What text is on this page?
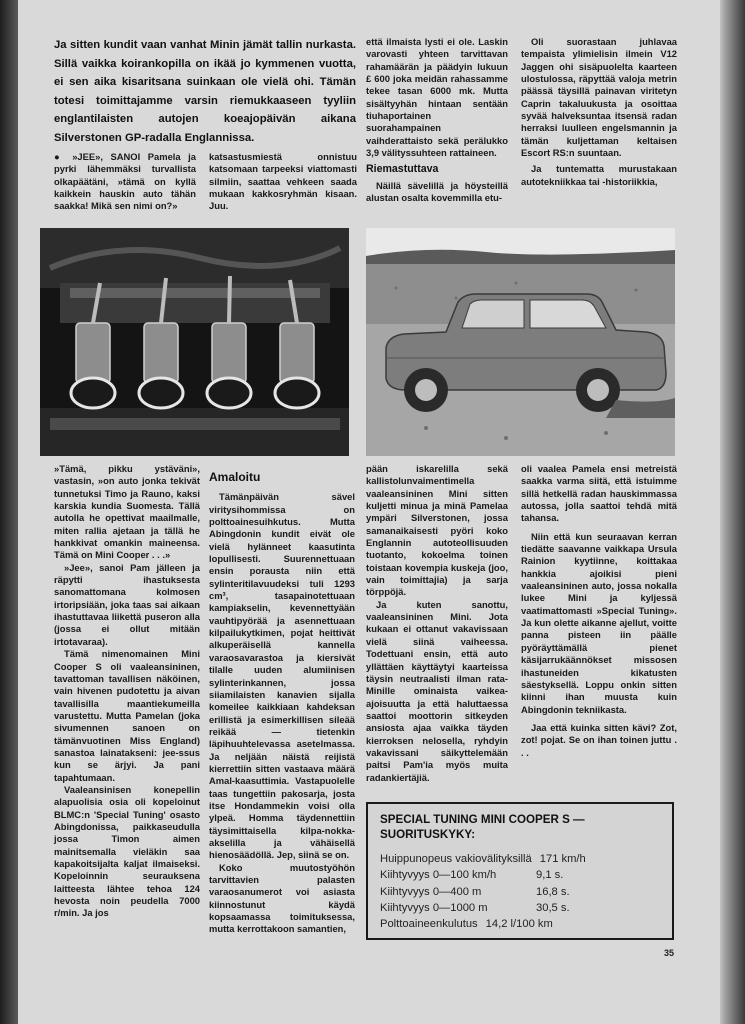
Ja sitten kundit vaan vanhat Minin jämät tallin nurkasta. Sillä vaikka koirankopilla on ikää jo kymmenen vuotta, ei sen aika kisaritsana suinkaan ole vielä ohi. Tämän totesi toimittajamme varsin riemukkaaseen tyyliin englantilaisten autojen koeajopäivän aikana Silverstonen GP-radalla Englannissa.

● »JEE», SANOI Pamela ja pyrki lähemmäksi turvallista olkapäätäni, »tämä on kyllä kaikkein hauskin auto tähän saakka! Mikä sen nimi on?»

katsastusmiestä onnistuu katsomaan tarpeeksi viattomasti silmiin, saattaa vehkeen saada mukaan kakkosryhmän kisaan. Juu.

että ilmaista lysti ei ole. Laskin varovasti yhteen tarvittavan rahamäärän ja päädyin lukuun £ 600 joka meidän rahassamme tekee tasan 6000 mk. Mutta sisältyyhän hintaan sentään tiuhaportainen suorahampainen vaihderattaisto sekä perälukko 3,9 välityssuhteen rattaineen.

Riemastuttava

Näillä sävelillä ja höysteillä alustan osalta kovemmilla etu-

Oli suorastaan juhlavaa tempaista ylimielisin ilmein V12 Jaggen ohi sisäpuolelta kaarteen ulostulossa, räpyttää valoja metrin päässä täysillä painavan viritetyn Caprin takaluukusta ja osoittaa syvää halveksuntaa itsensä radan herraksi luulleen engelsmannin ja tämän kuljettaman keltaisen Escort RS:n suuntaan.

Ja tuntematta murustakaan autotekniikkaa tai -historiikkia,

»Tämä, pikku ystäväni», vastasin, »on auto jonka tekivät tunnetuksi Timo ja Rauno, kaksi karskia kundia Suomesta. Tällä autolla he opettivat maailmalle, miten rallia ajetaan ja tällä he hankkivat omankin maineensa. Tämä on Mini Cooper . . .»

»Jee», sanoi Pam jälleen ja räpytti ihastuksesta sanomattomana kolmosen irtoripsiään, joka taas sai aikaan ihastuttavaa liikettä puseron alla (jossa ei ollut mitään irtotavaraa).

Tämä nimenomainen Mini Cooper S oli vaaleansininen, tavattoman tavallisen näköinen, vain hivenen pudotettu ja aivan tavallisilla maantiekumeilla varustettu. Mutta Pamelan (joka sivumennen sanoen on tämänvuotinen Miss England) sanastoa lainatakseni: jee-ssus kun se ärjyi. Ja pani tapahtumaan.

Vaaleansinisen konepellin alapuolisia osia oli kopeloinut BLMC:n 'Special Tuning' osasto Abingdonissa, paikkaseudulla jossa Timon aimen mainitsemalla vieläkin saa kapakoitsijalta kaljat ilmaiseksi. Kopeloinnin seurauksena laitteesta lähtee tehoa 124 hevosta noin peudella 7000 r/min. Ja jos

Amaloitu

Tämänpäivän sävel viritysihommissa on polttoainesuihkutus. Mutta Abingdonin kundit eivät ole vielä hylänneet kaasutinta lopullisesti. Suurennettuaan ensin porausta niin että sylinteritilavuudeksi tuli 1293 cm³, tasapainotettuaan kampiakselin, kevennettyään vauhtipyörää ja asennettuaan kilpailukytkimen, pojat heittivät alkuperäisellä kannella varaosavarastoa ja kiersivät tilalle uuden alumiinisen sylinterinkannen, jossa siiamilaisten kanavien sijalla komeilee kaikkiaan kahdeksan erillistä ja esimerkillisen sileää reikää — tietenkin läpihuuhtelevassa asetelmassa. Ja neljään näistä reijistä kierrettiin sitten vastaava määrä Amal-kaasuttimia. Vastapuolelle taas tungettiin pakosarja, josta itse Hondammekin voisi olla ylpeä. Homma täydennettiin täysimittaisella kilpa-nokka-akselilla ja vähäisellä hienosäädöllä. Jep, siinä se on.

Koko muutostyöhön tarvittavien palasten varaosanumerot voi asiasta kiinnostunut käydä kopsaamassa toimituksessa, mutta kerrottakoon samantien,

pään iskarelilla sekä kallistolunvaimentimella vaaleansininen Mini sitten kuljetti minua ja minä Pamelaa ympäri Silverstonen, jossa samanaikaisesti pyöri koko Englannin autoteollisuuden tuotanto, kokoelma toinen toistaan kovempia kuskeja (joo, vain toimittajia) ja sarja törppöjä.

Ja kuten sanottu, vaaleansininen Mini. Jota kukaan ei ottanut vakavissaan vielä siinä vaiheessa. Todettuani ensin, että auto yllättäen käyttäytyi kaarteissa täysin neutraalisti ilman rata-Minille ominaista vaikea-ajoisuutta ja että haluttaessa saattoi moottorin sitkeyden ansiosta ajaa vaikka täyden kierroksen nelosella, ryhdyin vakavissani säikyttelemään paitsi Pam'ia myös muita radankiertäjiä.

oli vaalea Pamela ensi metreistä saakka varma siitä, että istuimme sillä hetkellä radan hauskimmassa autossa, jolla saattoi tehdä mitä tahansa.

Niin että kun seuraavan kerran tiedätte saavanne vaikkapa Ursula Rainion kyytiinne, koittakaa hankkia ajoikisi pieni vaaleansininen auto, jossa nokalla lukee Mini ja kyljessä vaatimattomasti »Special Tuning». Ja kun olette aikanne ajellut, voitte panna pisteen iin päälle pyöräyttämällä pienet käsijarrukäännökset missosen ihastuneiden kikatusten säestyksellä. Loppu onkin sitten kiinni ihan muusta kuin Abingdonin tekniikasta.

Jaa että kuinka sitten kävi? Zot, zot! pojat. Se on ihan toinen juttu . . .

SPECIAL TUNING MINI COOPER S —
SUORITUSKYKY:
Huippunopeus vakiovälityksillä 171 km/h
Kiihtyvyys 0—100 km/h	9,1 s.
Kiihtyvyys 0—400 m	16,8 s.
Kiihtyvyys 0—1000 m	30,5 s.
Polttoaineenkulutus 14,2 l/100 km
35
